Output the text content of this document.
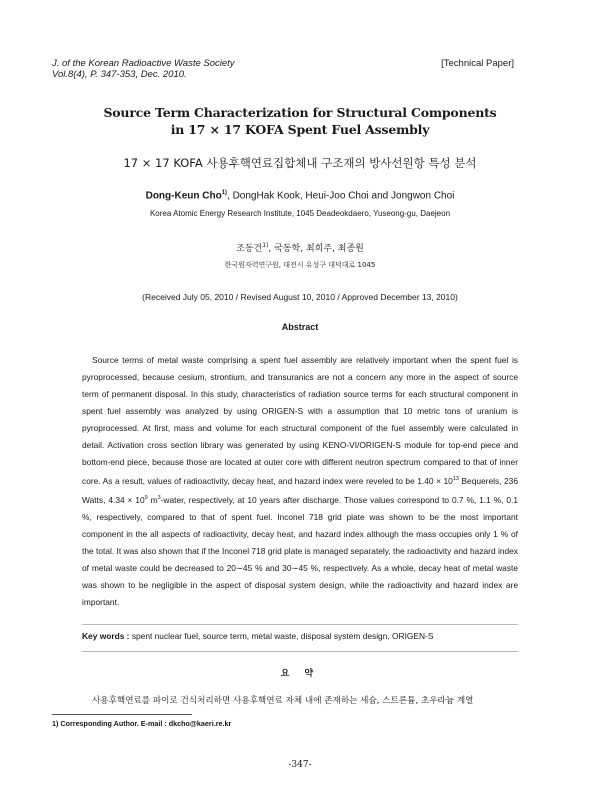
J. of the Korean Radioactive Waste Society
Vol.8(4), P. 347-353, Dec. 2010.
[Technical Paper]
Source Term Characterization for Structural Components
in 17 × 17 KOFA Spent Fuel Assembly
17 × 17 KOFA 사용후핵연료집합체내 구조재의 방사선원항 특성 분석
Dong-Keun Cho$^{1)}$, DongHak Kook, Heui-Joo Choi and Jongwon Choi
Korea Atomic Energy Research Institute, 1045 Deadeokdaero, Yuseong-gu, Daejeon
조동건$^{1)}$, 국동학, 최희주, 최종원
한국원자력연구원, 대전시 유성구 대덕대로 1045
(Received July 05, 2010 / Revised August 10, 2010 / Approved December 13, 2010)
Abstract

Source terms of metal waste comprising a spent fuel assembly are relatively important when the spent fuel is pyroprocessed, because cesium, strontium, and transuranics are not a concern any more in the aspect of source term of permanent disposal. In this study, characteristics of radiation source terms for each structural component in spent fuel assembly was analyzed by using ORIGEN-S with a assumption that 10 metric tons of uranium is pyroprocessed. At first, mass and volume for each structural component of the fuel assembly were calculated in detail. Activation cross section library was generated by using KENO-VI/ORIGEN-S module for top-end piece and bottom-end piece, because those are located at outer core with different neutron spectrum compared to that of inner core. As a result, values of radioactivity, decay heat, and hazard index were reveled to be $1.40 \times 10^{13}$ Bequerels, 236 Watts, $4.34 \times 10^9$ $m^3$-water, respectively, at 10 years after discharge. Those values correspond to 0.7 %, 1.1 %, 0.1 %, respectively, compared to that of spent fuel. Inconel 718 grid plate was shown to be the most important component in the all aspects of radioactivity, decay heat, and hazard index although the mass occupies only 1 % of the total. It was also shown that if the Inconel 718 grid plate is managed separately, the radioactivity and hazard index of metal waste could be decreased to 20∼45 % and 30∼45 %, respectively. As a whole, decay heat of metal waste was shown to be negligible in the aspect of disposal system design, while the radioactivity and hazard index are important.

Key words : spent nuclear fuel, source term, metal waste, disposal system design, ORIGEN-S
요 약
사용후핵연료를 파이로 건식처리하면 사용후핵연료 자체 내에 존재하는 세슘, 스트론튬, 초우라늄 계열
1) Corresponding Author. E-mail : dkcho@kaeri.re.kr
-347-
